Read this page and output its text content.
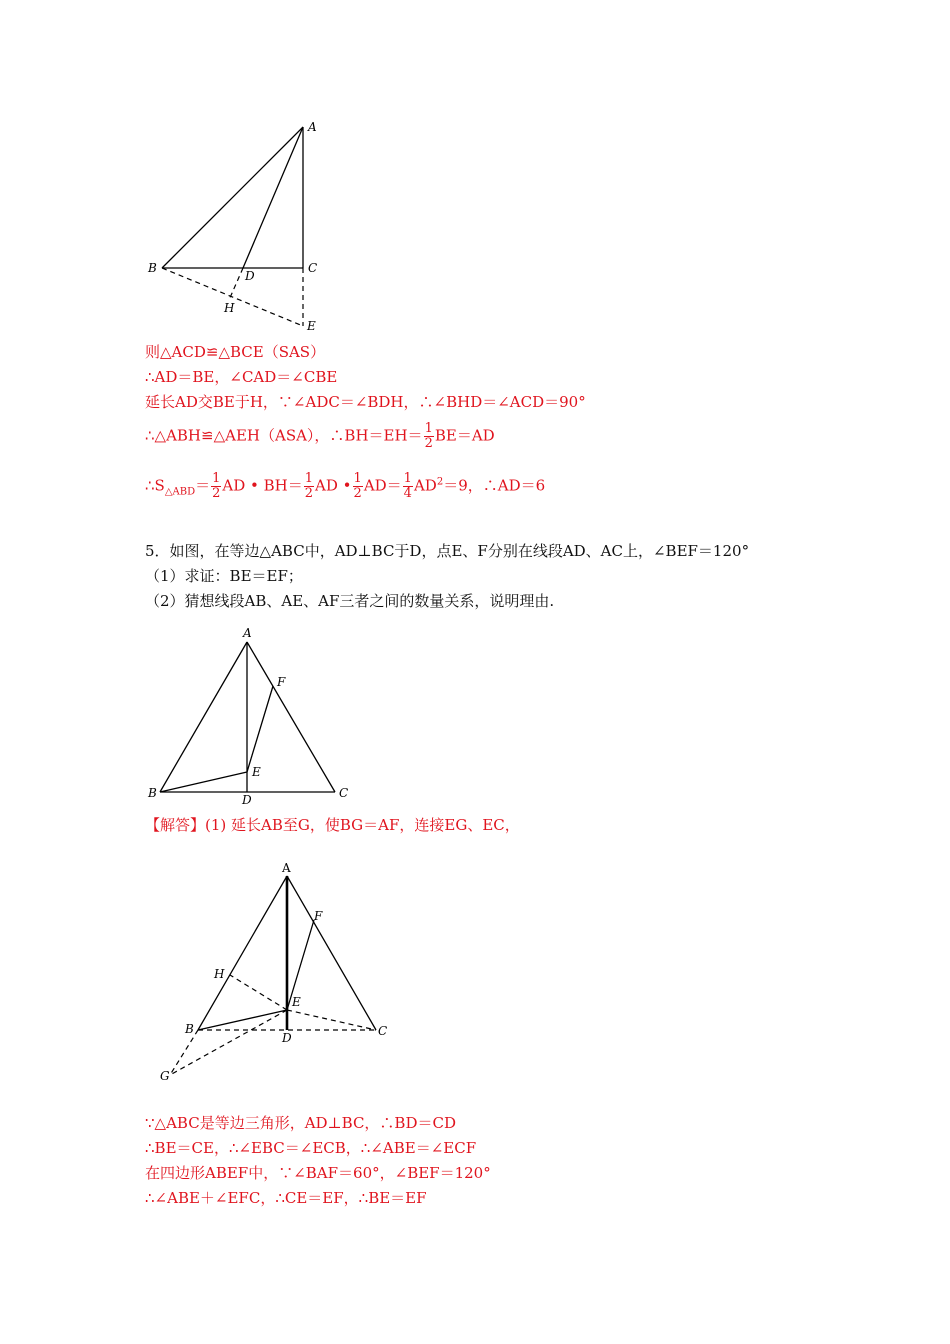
A
B	C
D
E
H
则△ACD≌△BCE（SAS）
∴AD＝BE，∠CAD＝∠CBE
延长AD交BE于H，∵∠ADC＝∠BDH，∴∠BHD＝∠ACD＝90°
∴△ABH≌△AEH（ASA），∴BH＝EH＝ $\frac{1}{2} BE=AD$
$\therefore S_{\triangle ABD}= \frac{1}{2}$ AD • $BH= \frac{1}{2}$ AD • $\frac{1}{2} AD= \frac{1}{4} AD^2=9$，∴AD＝6
5．如图，在等边△ABC中，AD⊥BC于D，点E、F分别在线段AD、AC上，∠BEF＝120°
（1）求证：BE＝EF；
（2）猜想线段AB、AE、AF三者之间的数量关系，说明理由.
A
B	C
D
E
F
【解答】(1) 延长AB至G，使BG＝AF，连接EG、EC，
A
B	C
D
E
F
G
H
∵△ABC是等边三角形，AD⊥BC，∴BD＝CD
∴BE＝CE，∴∠EBC＝∠ECB，∴∠ABE＝∠ECF
在四边形ABEF中，∵∠BAF＝60°，∠BEF＝120°
∴∠ABE＋∠EFC，∴CE＝EF，∴BE＝EF
